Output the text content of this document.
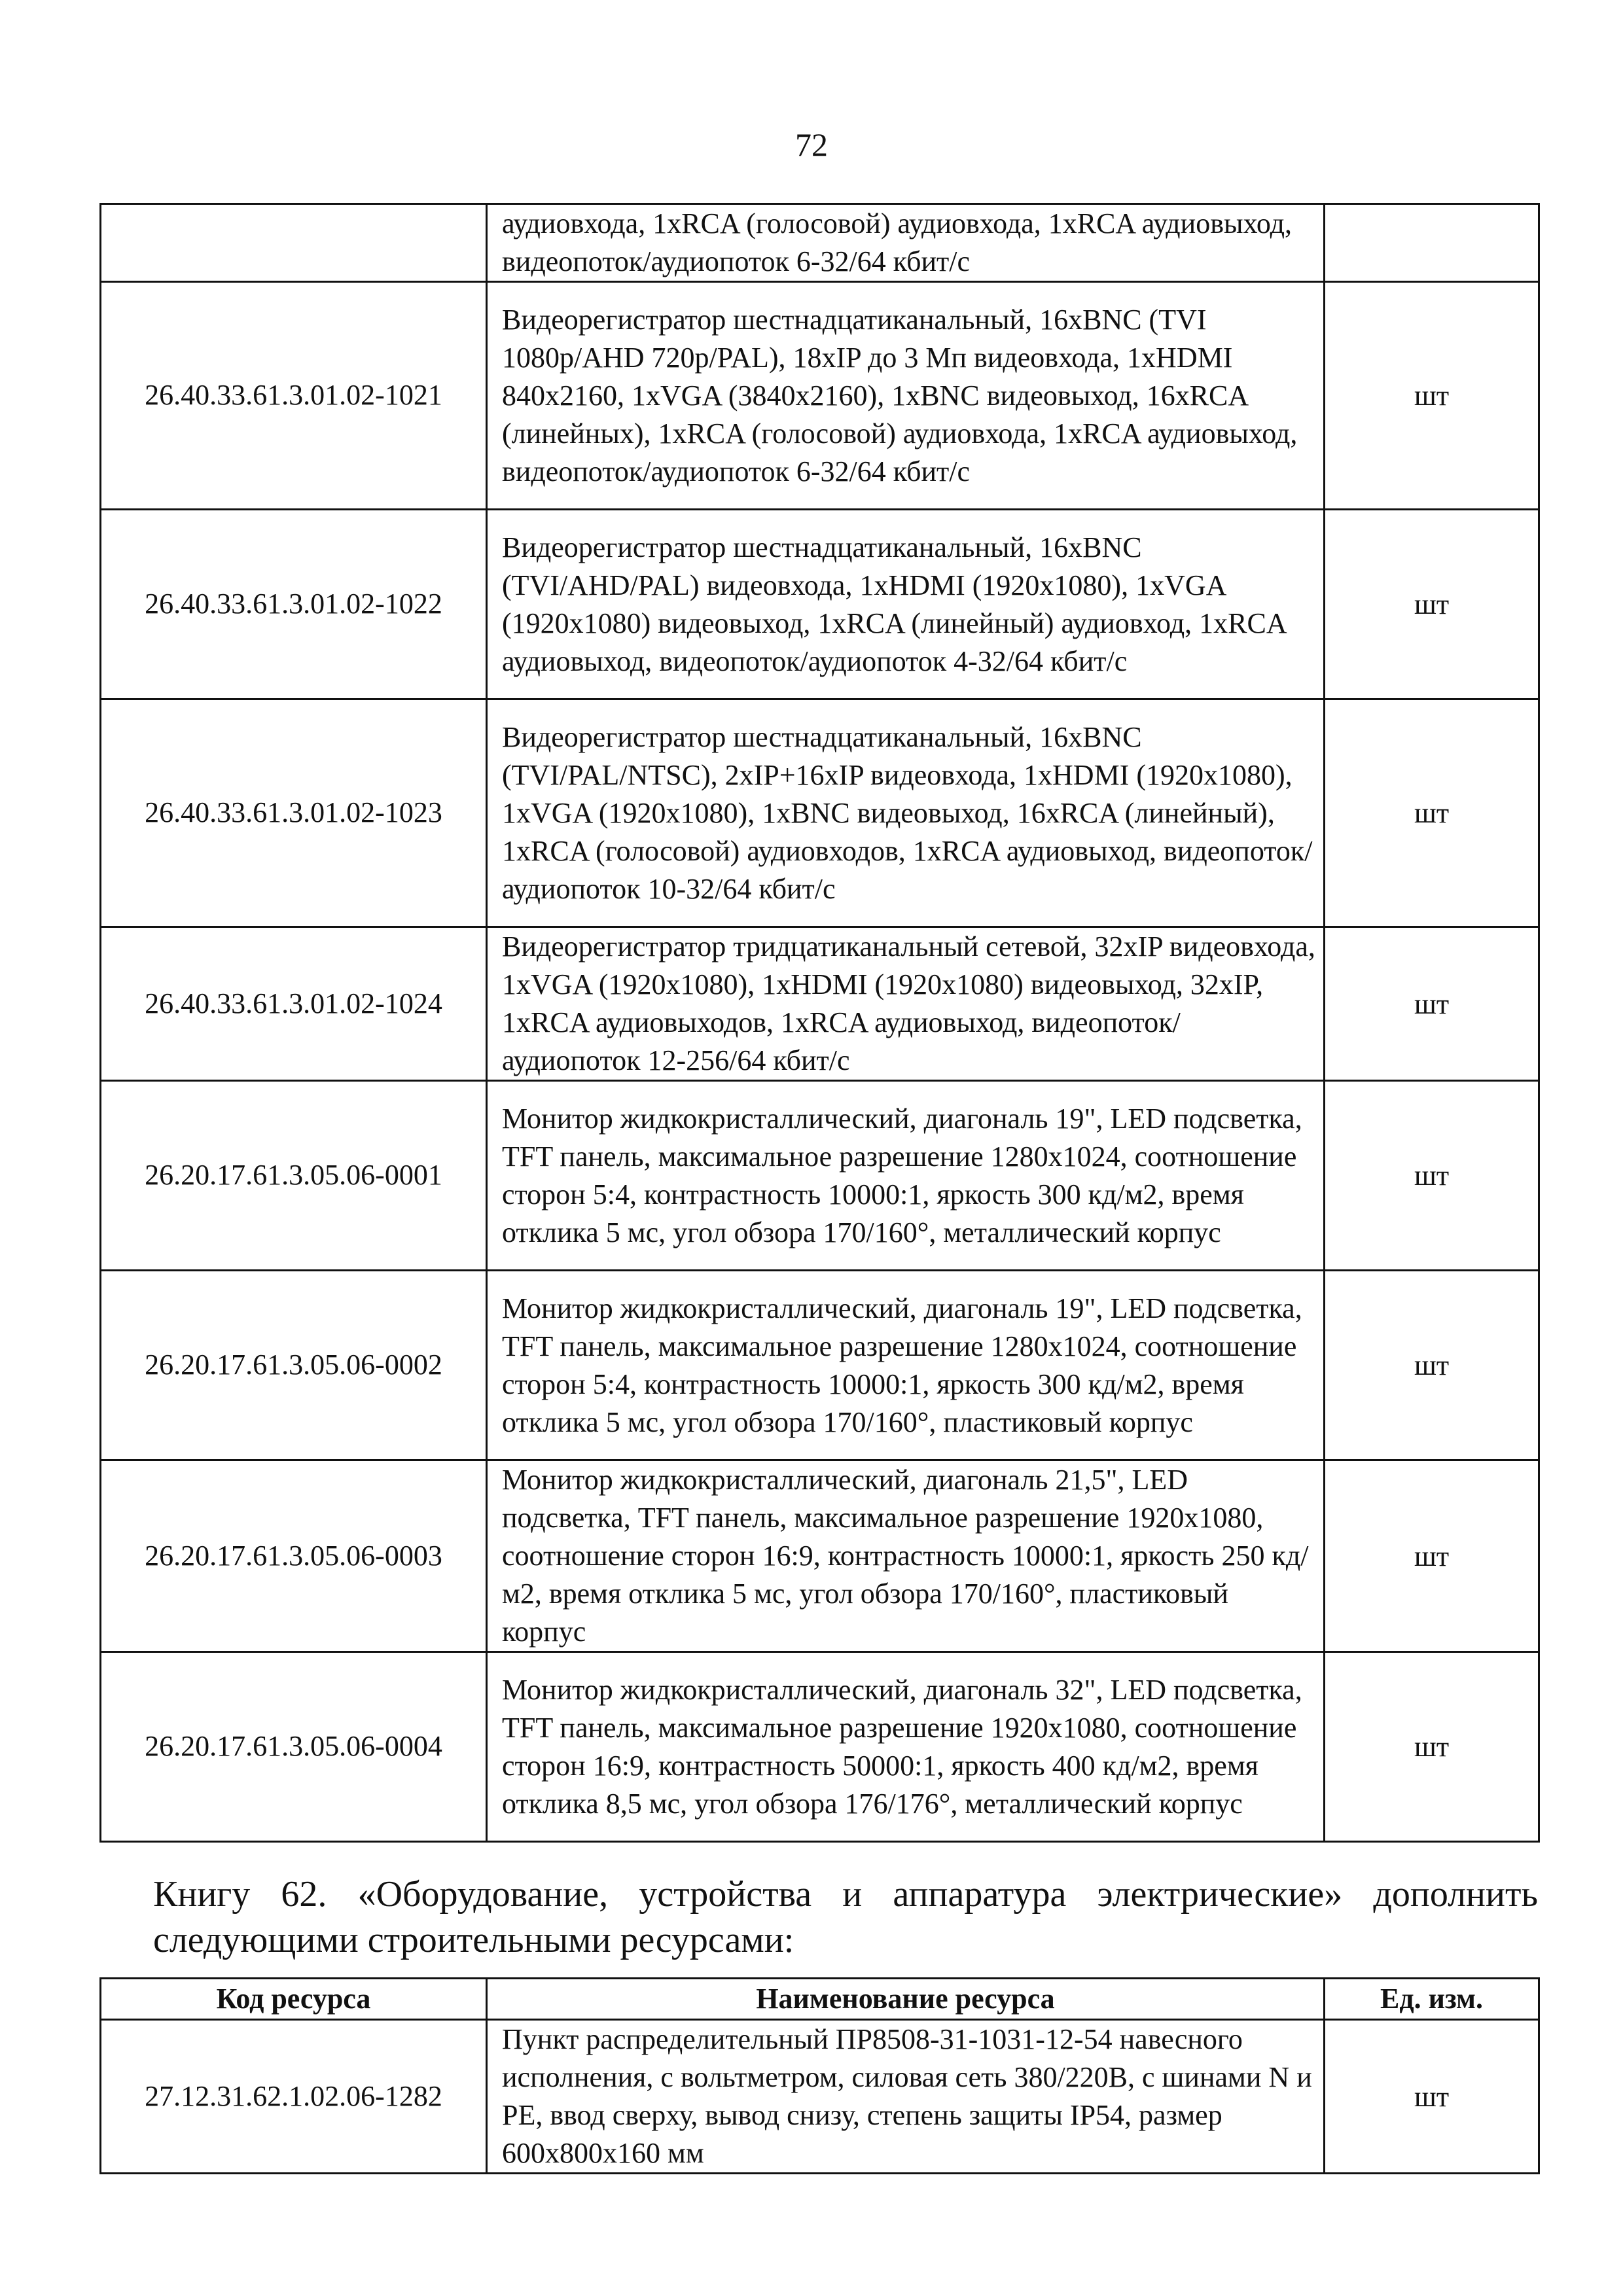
72
	аудиовхода, 1xRCA (голосовой) аудиовхода, 1xRCA аудиовыход, видеопоток/аудиопоток 6-32/64 кбит/с	
26.40.33.61.3.01.02-1021	Видеорегистратор шестнадцатиканальный, 16xBNC (TVI 1080p/AHD 720p/PAL), 18xIP до 3 Мп видеовхода, 1xHDMI 840x2160, 1xVGA (3840x2160), 1xBNC видеовыход, 16xRCA (линейных), 1xRCA (голосовой) аудиовхода, 1xRCA аудиовыход, видеопоток/аудиопоток 6-32/64 кбит/с	шт
26.40.33.61.3.01.02-1022	Видеорегистратор шестнадцатиканальный, 16xBNC (TVI/AHD/PAL) видеовхода, 1xHDMI (1920x1080), 1xVGA (1920x1080) видеовыход, 1xRCA (линейный) аудиовход, 1xRCA аудиовыход, видеопоток/аудиопоток 4-32/64 кбит/с	шт
26.40.33.61.3.01.02-1023	Видеорегистратор шестнадцатиканальный, 16xBNC (TVI/PAL/NTSC), 2xIP+16xIP видеовхода, 1xHDMI (1920x1080), 1xVGA (1920x1080), 1xBNC видеовыход, 16xRCA (линейный), 1xRCA (голосовой) аудиовходов, 1xRCA аудиовыход, видеопоток/аудиопоток 10-32/64 кбит/с	шт
26.40.33.61.3.01.02-1024	Видеорегистратор тридцатиканальный сетевой, 32xIP видеовхода, 1xVGA (1920x1080), 1xHDMI (1920x1080) видеовыход, 32xIP, 1xRCA аудиовыходов, 1xRCA аудиовыход, видеопоток/аудиопоток 12-256/64 кбит/с	шт
26.20.17.61.3.05.06-0001	Монитор жидкокристаллический, диагональ 19", LED подсветка, TFT панель, максимальное разрешение 1280x1024, соотношение сторон 5:4, контрастность 10000:1, яркость 300 кд/м2, время отклика 5 мс, угол обзора 170/160°, металлический корпус	шт
26.20.17.61.3.05.06-0002	Монитор жидкокристаллический, диагональ 19", LED подсветка, TFT панель, максимальное разрешение 1280x1024, соотношение сторон 5:4, контрастность 10000:1, яркость 300 кд/м2, время отклика 5 мс, угол обзора 170/160°, пластиковый корпус	шт
26.20.17.61.3.05.06-0003	Монитор жидкокристаллический, диагональ 21,5", LED подсветка, TFT панель, максимальное разрешение 1920x1080, соотношение сторон 16:9, контрастность 10000:1, яркость 250 кд/м2, время отклика 5 мс, угол обзора 170/160°, пластиковый корпус	шт
26.20.17.61.3.05.06-0004	Монитор жидкокристаллический, диагональ 32", LED подсветка, TFT панель, максимальное разрешение 1920x1080, соотношение сторон 16:9, контрастность 50000:1, яркость 400 кд/м2, время отклика 8,5 мс, угол обзора 176/176°, металлический корпус	шт
Книгу 62. «Оборудование, устройства и аппаратура электрические» дополнить следующими строительными ресурсами:
Код ресурса	Наименование ресурса	Ед. изм.
27.12.31.62.1.02.06-1282	Пункт распределительный ПР8508-31-1031-12-54 навесного исполнения, с вольтметром, силовая сеть 380/220В, с шинами N и PE, ввод сверху, вывод снизу, степень защиты IP54, размер 600x800x160 мм	шт
